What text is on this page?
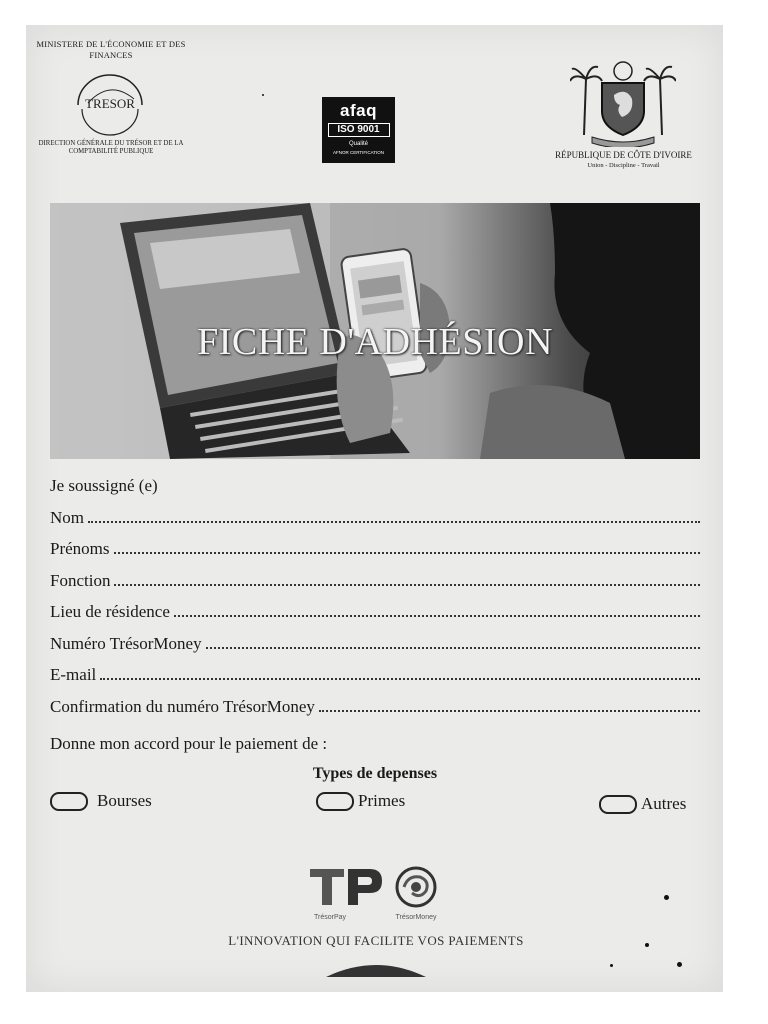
MINISTERE DE L'ÉCONOMIE ET DES FINANCES
TRESOR
DIRECTION GÉNÉRALE DU TRÉSOR ET DE LA COMPTABILITÉ PUBLIQUE
afaq
ISO 9001
Qualité
AFNOR CERTIFICATION	RÉPUBLIQUE DE CÔTE D'IVOIRE
Union - Discipline - Travail
FICHE D'ADHÉSION
Je soussigné (e)
Nom
Prénoms
Fonction
Lieu de résidence
Numéro TrésorMoney
E-mail
Confirmation du numéro TrésorMoney
Donne mon accord pour le paiement de :
Types de depenses
Bourses	Primes	Autres
TrésorPay	TrésorMoney
L'INNOVATION QUI FACILITE VOS PAIEMENTS
